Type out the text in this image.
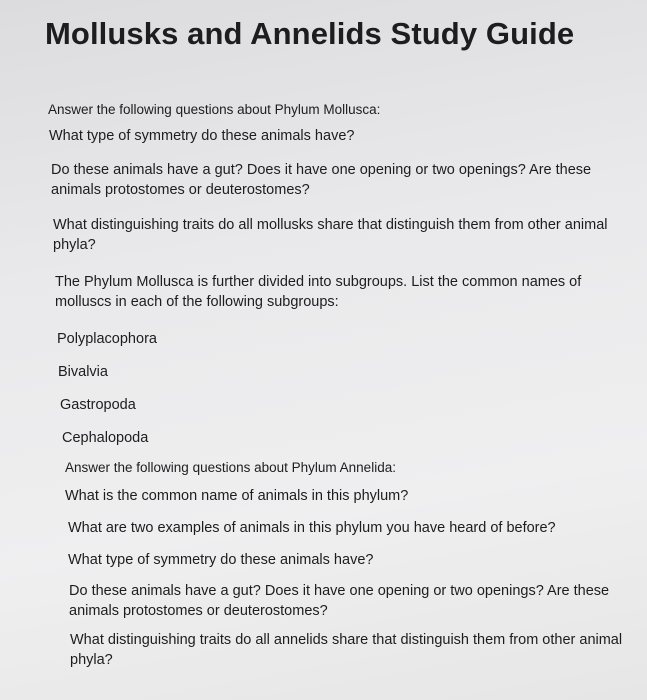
Mollusks and Annelids Study Guide

Answer the following questions about Phylum Mollusca:

What type of symmetry do these animals have?

Do these animals have a gut? Does it have one opening or two openings? Are these animals protostomes or deuterostomes?

What distinguishing traits do all mollusks share that distinguish them from other animal phyla?

The Phylum Mollusca is further divided into subgroups. List the common names of molluscs in each of the following subgroups:

Polyplacophora

Bivalvia

Gastropoda

Cephalopoda

Answer the following questions about Phylum Annelida:

What is the common name of animals in this phylum?

What are two examples of animals in this phylum you have heard of before?

What type of symmetry do these animals have?

Do these animals have a gut? Does it have one opening or two openings? Are these animals protostomes or deuterostomes?

What distinguishing traits do all annelids share that distinguish them from other animal phyla?
